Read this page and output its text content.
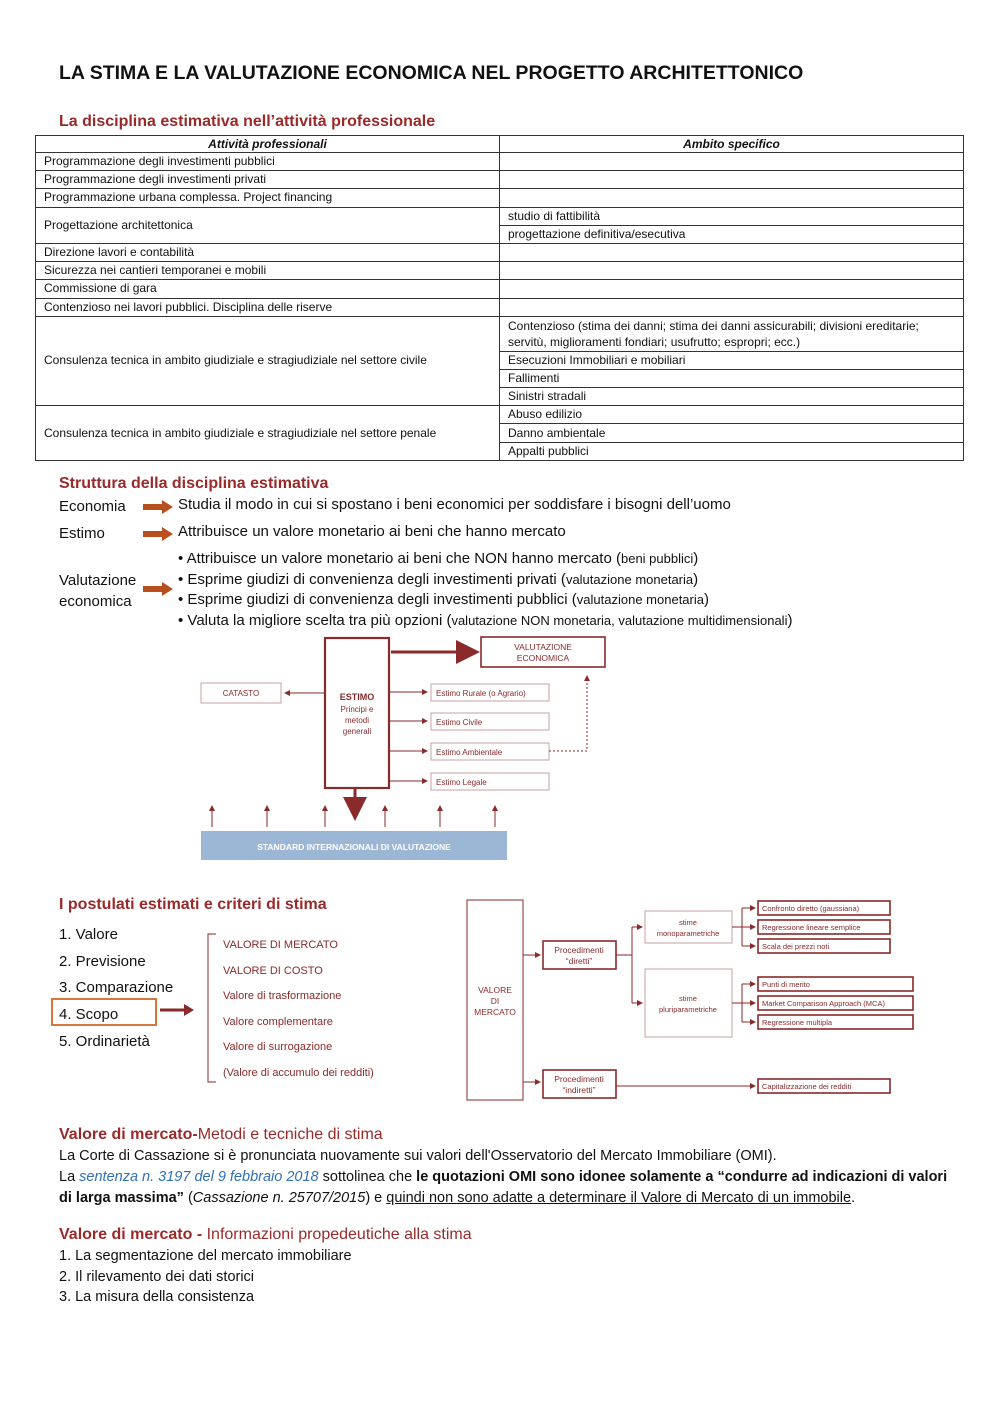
LA STIMA E LA VALUTAZIONE ECONOMICA NEL PROGETTO ARCHITETTONICO
La disciplina estimativa nell’attività professionale
Attività professionali	Ambito specifico
Programmazione degli investimenti pubblici	
Programmazione degli investimenti privati	
Programmazione urbana complessa. Project financing	
Progettazione architettonica	studio di fattibilità
	progettazione definitiva/esecutiva
Direzione lavori e contabilità	
Sicurezza nei cantieri temporanei e mobili	
Commissione di gara	
Contenzioso nei lavori pubblici. Disciplina delle riserve	
Consulenza tecnica in ambito giudiziale e stragiudiziale nel settore civile	Contenzioso (stima dei danni; stima dei danni assicurabili; divisioni ereditarie; servitù, miglioramenti fondiari; usufrutto; espropri; ecc.)
	Esecuzioni Immobiliari e mobiliari
	Fallimenti
	Sinistri stradali
Consulenza tecnica in ambito giudiziale e stragiudiziale nel settore penale	Abuso edilizio
	Danno ambientale
	Appalti pubblici
Struttura della disciplina estimativa
Economia	Studia il modo in cui si spostano i beni economici per soddisfare i bisogni dell’uomo
Estimo	Attribuisce un valore monetario ai beni che hanno mercato
Valutazione
economica
• Attribuisce un valore monetario ai beni che NON hanno mercato (beni pubblici)
• Esprime giudizi di convenienza degli investimenti privati (valutazione monetaria)
• Esprime giudizi di convenienza degli investimenti pubblici (valutazione monetaria)
• Valuta la migliore scelta tra più opzioni (valutazione NON monetaria, valutazione multidimensionali)
VALUTAZIONE
ECONOMICA
CATASTO	ESTIMO
Principi e
metodi
generali
Estimo Rurale (o Agrario)
Estimo Civile
Estimo Ambientale
Estimo Legale
STANDARD INTERNAZIONALI DI VALUTAZIONE
I postulati estimati e criteri di stima
1. Valore
2. Previsione
3. Comparazione
4. Scopo
5. Ordinarietà
VALORE DI MERCATO
VALORE DI COSTO
Valore di trasformazione
Valore complementare
Valore di surrogazione
(Valore di accumulo dei redditi)
VALORE
DI
MERCATO
Procedimenti
“diretti”
Procedimenti
“indiretti”
stime
monoparametriche
stime
pluriparametriche
Confronto diretto (gaussiana)
Regressione lineare semplice
Scala dei prezzi noti
Punti di merito
Market Comparison Approach (MCA)
Regressione multipla
Capitalizzazione dei redditi
Valore di mercato-Metodi e tecniche di stima
La Corte di Cassazione si è pronunciata nuovamente sui valori dell'Osservatorio del Mercato Immobiliare (OMI).
La sentenza n. 3197 del 9 febbraio 2018 sottolinea che le quotazioni OMI sono idonee solamente a “condurre ad indicazioni di valori di larga massima” (Cassazione n. 25707/2015) e quindi non sono adatte a determinare il Valore di Mercato di un immobile.
Valore di mercato - Informazioni propedeutiche alla stima
1. La segmentazione del mercato immobiliare
2. Il rilevamento dei dati storici
3. La misura della consistenza
